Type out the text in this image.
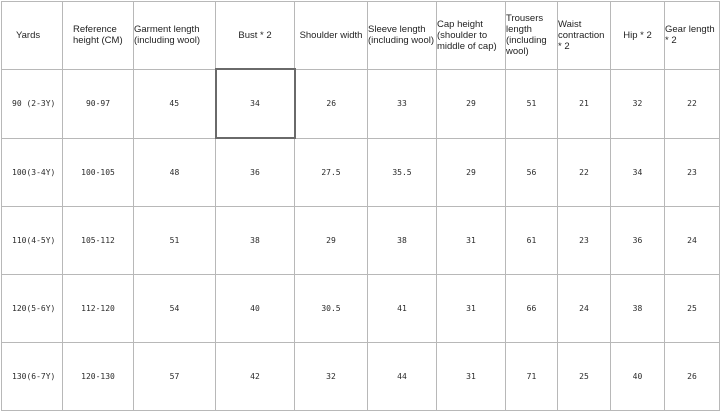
Yards	Reference height (CM)	Garment length (including wool)	Bust * 2	Shoulder width	Sleeve length (including wool)	Cap height (shoulder to middle of cap)	Trousers length (including wool)	Waist contraction * 2	Hip * 2	Gear length * 2
90 (2-3Y)	90-97	45	34	26	33	29	51	21	32	22
100(3-4Y)	100-105	48	36	27.5	35.5	29	56	22	34	23
110(4-5Y)	105-112	51	38	29	38	31	61	23	36	24
120(5-6Y)	112-120	54	40	30.5	41	31	66	24	38	25
130(6-7Y)	120-130	57	42	32	44	31	71	25	40	26
